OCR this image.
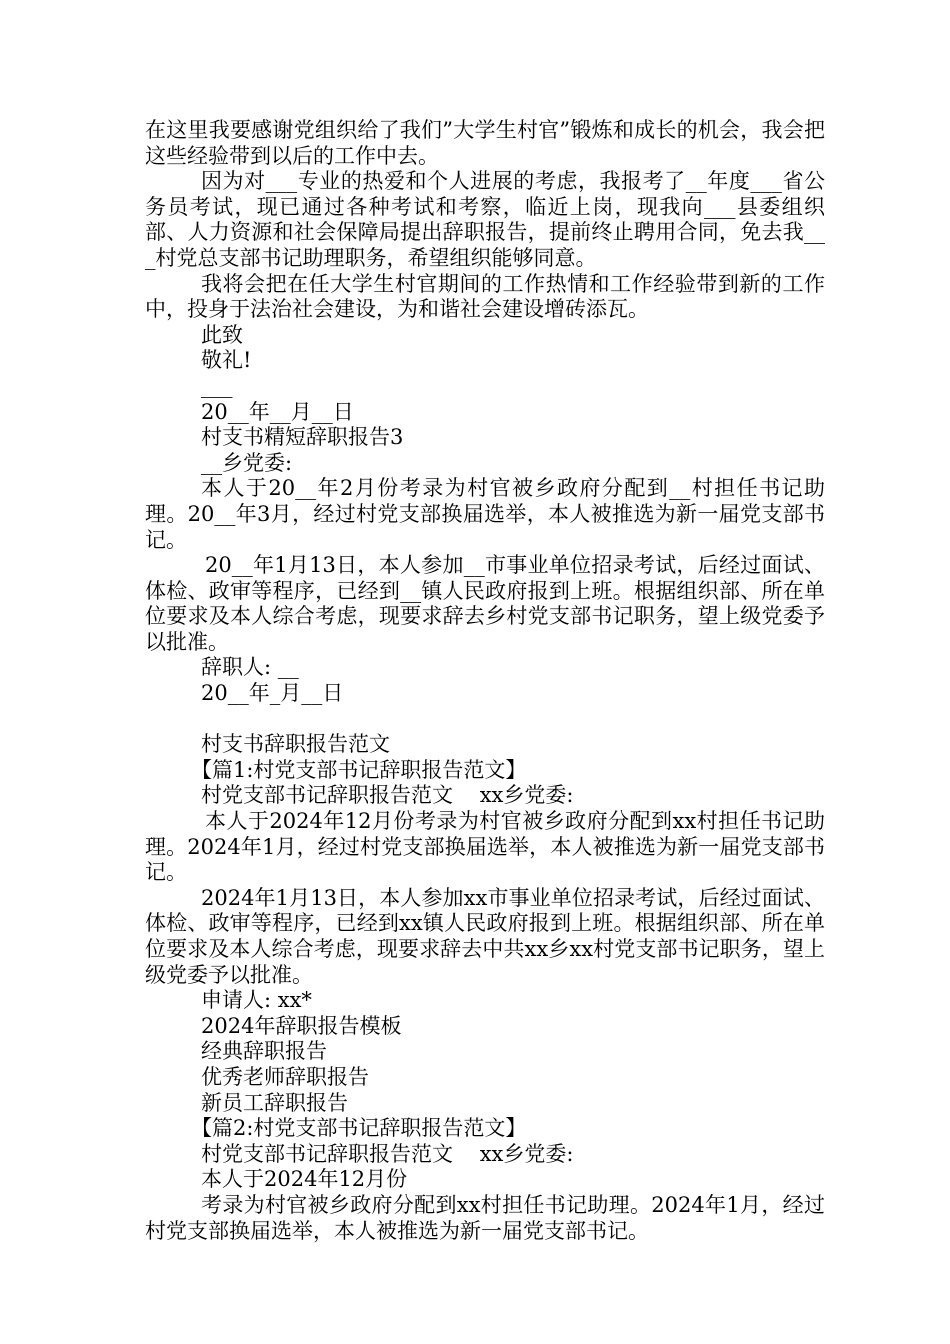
在这里我要感谢党组织给了我们”大学生村官”锻炼和成长的机会，我会把这些经验带到以后的工作中去。

因为对___专业的热爱和个人进展的考虑，我报考了__年度___省公务员考试，现已通过各种考试和考察，临近上岗，现我向___县委组织部、人力资源和社会保障局提出辞职报告，提前终止聘用合同，免去我___村党总支部书记助理职务，希望组织能够同意。

我将会把在任大学生村官期间的工作热情和工作经验带到新的工作中，投身于法治社会建设，为和谐社会建设增砖添瓦。

此致

敬礼!

___

20__年__月__日

村支书精短辞职报告3

__乡党委:

本人于20__年2月份考录为村官被乡政府分配到__村担任书记助理。20__年3月，经过村党支部换届选举，本人被推选为新一届党支部书记。

20__年1月13日，本人参加__市事业单位招录考试，后经过面试、体检、政审等程序，已经到__镇人民政府报到上班。根据组织部、所在单位要求及本人综合考虑，现要求辞去乡村党支部书记职务，望上级党委予以批准。

辞职人: __

20__年_月__日

村支书辞职报告范文

【篇1:村党支部书记辞职报告范文】

村党支部书记辞职报告范文    xx乡党委:

本人于2024年12月份考录为村官被乡政府分配到xx村担任书记助理。2024年1月，经过村党支部换届选举，本人被推选为新一届党支部书记。

2024年1月13日，本人参加xx市事业单位招录考试，后经过面试、体检、政审等程序，已经到xx镇人民政府报到上班。根据组织部、所在单位要求及本人综合考虑，现要求辞去中共xx乡xx村党支部书记职务，望上级党委予以批准。

申请人: xx*

2024年辞职报告模板

经典辞职报告

优秀老师辞职报告

新员工辞职报告

【篇2:村党支部书记辞职报告范文】

村党支部书记辞职报告范文    xx乡党委:

本人于2024年12月份

考录为村官被乡政府分配到xx村担任书记助理。2024年1月，经过村党支部换届选举，本人被推选为新一届党支部书记。
